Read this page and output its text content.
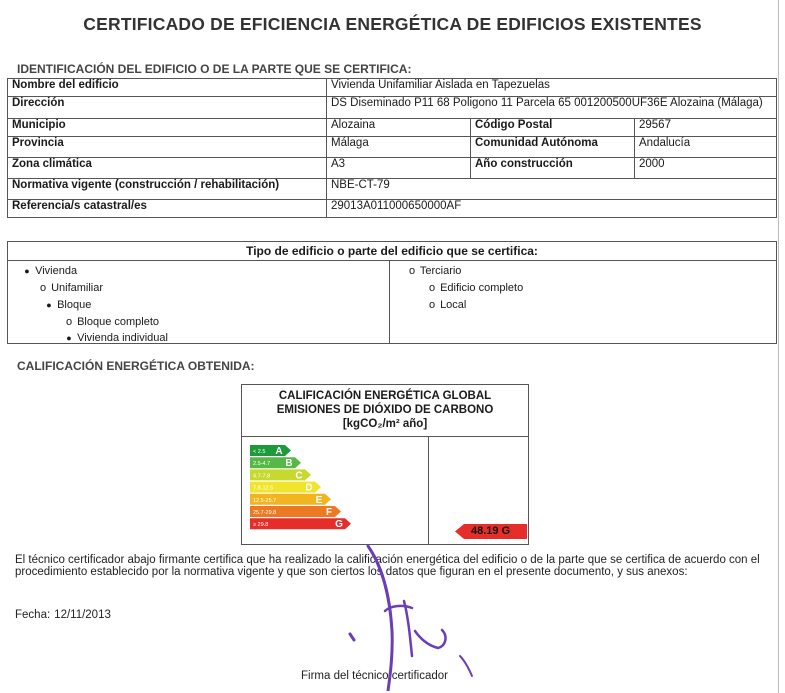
CERTIFICADO DE EFICIENCIA ENERGÉTICA DE EDIFICIOS EXISTENTES
IDENTIFICACIÓN DEL EDIFICIO O DE LA PARTE QUE SE CERTIFICA:
Nombre del edificio	Vivienda Unifamiliar Aislada en Tapezuelas		
Dirección	DS Diseminado P11 68 Poligono 11 Parcela 65 001200500UF36E Alozaina (Málaga)		
Municipio	Alozaina	Código Postal	29567
Provincia	Málaga	Comunidad Autónoma	Andalucía
Zona climática	A3	Año construcción	2000
Normativa vigente (construcción / rehabilitación)	NBE-CT-79		
Referencia/s catastral/es	29013A011000650000AF		
Tipo de edificio o parte del edificio que se certifica:
● Vivienda
o Unifamiliar
● Bloque
o Bloque completo
● Vivienda individual
o Terciario
o Edificio completo
o Local
CALIFICACIÓN ENERGÉTICA OBTENIDA:
CALIFICACIÓN ENERGÉTICA GLOBAL
EMISIONES DE DIÓXIDO DE CARBONO
[kgCO₂/m² año]
< 2.5 A
2.5-4.7 B
4.7-7.8	C
7.8-12.5	D
12.5-25.7	E
25.7-29.8	F
≥ 29.8	G
48.19 G
El técnico certificador abajo firmante certifica que ha realizado la calificación energética del edificio o de la parte que se certifica de acuerdo con el procedimiento establecido por la normativa vigente y que son ciertos los datos que figuran en el presente documento, y sus anexos:
Fecha: 12/11/2013
Firma del técnico certificador
